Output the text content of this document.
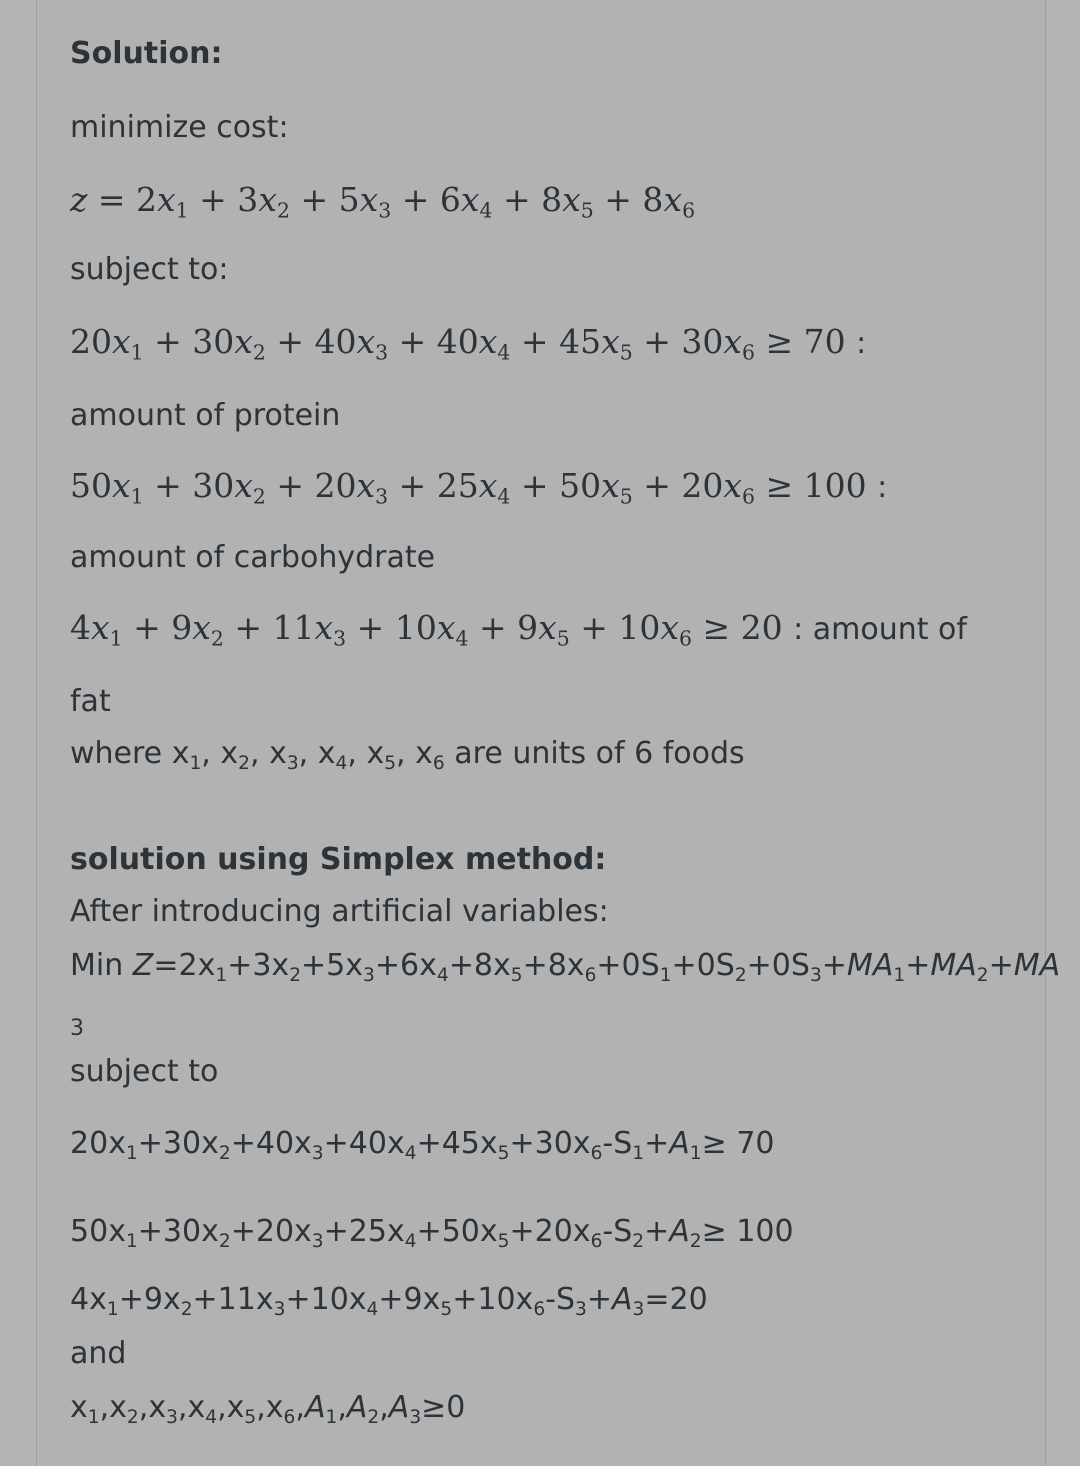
Solution:
minimize cost:
$z = 2x_1 + 3x_2 + 5x_3 + 6x_4 + 8x_5 + 8x_6$
subject to:
$20x_1 + 30x_2 + 40x_3 + 40x_4 + 45x_5 + 30x_6 \ge 70$ :
amount of protein
$50x_1 + 30x_2 + 20x_3 + 25x_4 + 50x_5 + 20x_6 \ge 100$ :
amount of carbohydrate
$4x_1 + 9x_2 + 11x_3 + 10x_4 + 9x_5 + 10x_6 \ge 20$ : amount of
fat
where $x_1$, $x_2$, $x_3$, $x_4$, $x_5$, $x_6$ are units of 6 foods
solution using Simplex method:
After introducing artificial variables:
Min $Z=2x_1+3x_2+5x_3+6x_4+8x_5+8x_6+0S_1+0S_2+0S_3+MA_1+MA_2+MA$
3
subject to
$20x_1+30x_2+40x_3+40x_4+45x_5+30x_6-S_1+A_1\ge 70$
$50x_1+30x_2+20x_3+25x_4+50x_5+20x_6-S_2+A_2\ge 100$
$4x_1+9x_2+11x_3+10x_4+9x_5+10x_6-S_3+A_3=20$
and
$x_1,x_2,x_3,x_4,x_5,x_6,A_1,A_2,A_3\ge 0$
